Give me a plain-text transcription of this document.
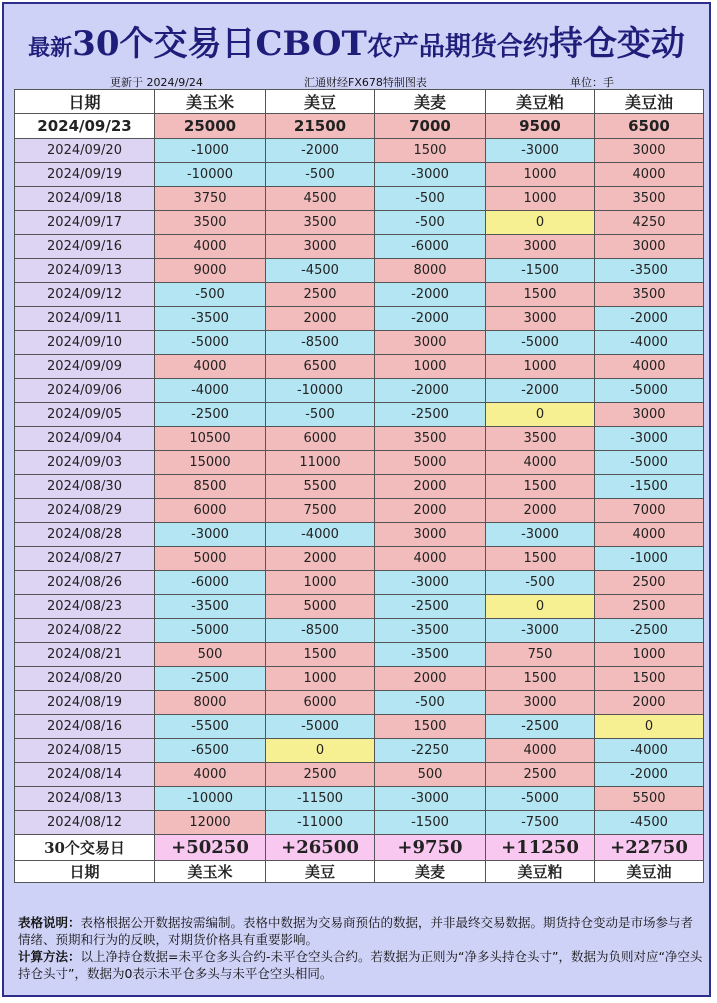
最新30个交易日CBOT农产品期货合约持仓变动
更新于 2024/9/24	汇通财经FX678特制图表	单位：手
日期	美玉米	美豆	美麦	美豆粕	美豆油
2024/09/23	25000	21500	7000	9500	6500
2024/09/20	-1000	-2000	1500	-3000	3000
2024/09/19	-10000	-500	-3000	1000	4000
2024/09/18	3750	4500	-500	1000	3500
2024/09/17	3500	3500	-500	0	4250
2024/09/16	4000	3000	-6000	3000	3000
2024/09/13	9000	-4500	8000	-1500	-3500
2024/09/12	-500	2500	-2000	1500	3500
2024/09/11	-3500	2000	-2000	3000	-2000
2024/09/10	-5000	-8500	3000	-5000	-4000
2024/09/09	4000	6500	1000	1000	4000
2024/09/06	-4000	-10000	-2000	-2000	-5000
2024/09/05	-2500	-500	-2500	0	3000
2024/09/04	10500	6000	3500	3500	-3000
2024/09/03	15000	11000	5000	4000	-5000
2024/08/30	8500	5500	2000	1500	-1500
2024/08/29	6000	7500	2000	2000	7000
2024/08/28	-3000	-4000	3000	-3000	4000
2024/08/27	5000	2000	4000	1500	-1000
2024/08/26	-6000	1000	-3000	-500	2500
2024/08/23	-3500	5000	-2500	0	2500
2024/08/22	-5000	-8500	-3500	-3000	-2500
2024/08/21	500	1500	-3500	750	1000
2024/08/20	-2500	1000	2000	1500	1500
2024/08/19	8000	6000	-500	3000	2000
2024/08/16	-5500	-5000	1500	-2500	0
2024/08/15	-6500	0	-2250	4000	-4000
2024/08/14	4000	2500	500	2500	-2000
2024/08/13	-10000	-11500	-3000	-5000	5500
2024/08/12	12000	-11000	-1500	-7500	-4500
30个交易日	+50250	+26500	+9750	+11250	+22750
日期	美玉米	美豆	美麦	美豆粕	美豆油
表格说明：表格根据公开数据按需编制。表格中数据为交易商预估的数据，并非最终交易数据。期货持仓变动是市场参与者情绪、预期和行为的反映，对期货价格具有重要影响。
计算方法：以上净持仓数据=未平仓多头合约-未平仓空头合约。若数据为正则为“净多头持仓头寸”，数据为负则对应“净空头持仓头寸”，数据为0表示未平仓多头与未平仓空头相同。
